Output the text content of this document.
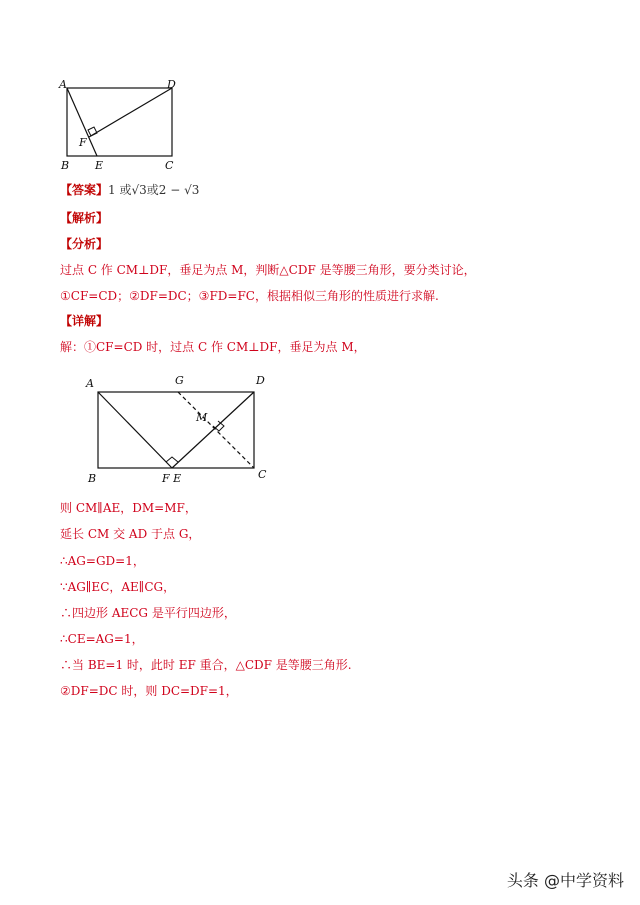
A	D
F
B E	C
【答案】1 或√3或2 − √3
【解析】
【分析】
过点 C 作 CM⊥DF，垂足为点 M，判断△CDF 是等腰三角形，要分类讨论，
①CF=CD；②DF=DC；③FD=FC，根据相似三角形的性质进行求解.
【详解】
解：①CF=CD 时，过点 C 作 CM⊥DF，垂足为点 M，
A	G	D
M
B	F E	C
则 CM∥AE，DM=MF，
延长 CM 交 AD 于点 G，
∴AG=GD=1，
∵AG∥EC，AE∥CG，
∴四边形 AECG 是平行四边形，
∴CE=AG=1，
∴当 BE=1 时，此时 EF 重合，△CDF 是等腰三角形.
②DF=DC 时，则 DC=DF=1，
头条 @中学资料
